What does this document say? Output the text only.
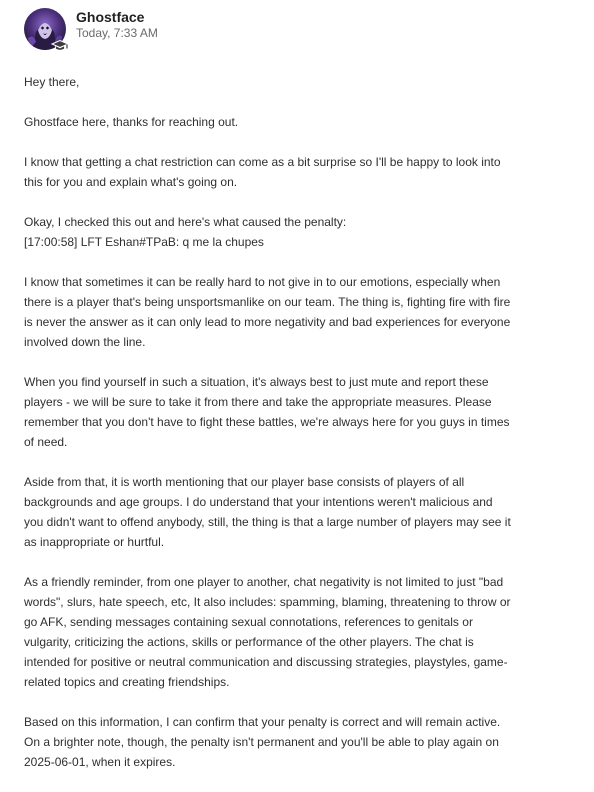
Ghostface
Today, 7:33 AM

Hey there,

Ghostface here, thanks for reaching out.

I know that getting a chat restriction can come as a bit surprise so I'll be happy to look into
this for you and explain what's going on.

Okay, I checked this out and here's what caused the penalty:
[17:00:58] LFT Eshan#TPaB: q me la chupes

I know that sometimes it can be really hard to not give in to our emotions, especially when
there is a player that's being unsportsmanlike on our team. The thing is, fighting fire with fire
is never the answer as it can only lead to more negativity and bad experiences for everyone
involved down the line.

When you find yourself in such a situation, it's always best to just mute and report these
players - we will be sure to take it from there and take the appropriate measures. Please
remember that you don't have to fight these battles, we're always here for you guys in times
of need.

Aside from that, it is worth mentioning that our player base consists of players of all
backgrounds and age groups. I do understand that your intentions weren't malicious and
you didn't want to offend anybody, still, the thing is that a large number of players may see it
as inappropriate or hurtful.

As a friendly reminder, from one player to another, chat negativity is not limited to just "bad
words", slurs, hate speech, etc, It also includes: spamming, blaming, threatening to throw or
go AFK, sending messages containing sexual connotations, references to genitals or
vulgarity, criticizing the actions, skills or performance of the other players. The chat is
intended for positive or neutral communication and discussing strategies, playstyles, game-
related topics and creating friendships.

Based on this information, I can confirm that your penalty is correct and will remain active.
On a brighter note, though, the penalty isn't permanent and you'll be able to play again on
2025-06-01, when it expires.
